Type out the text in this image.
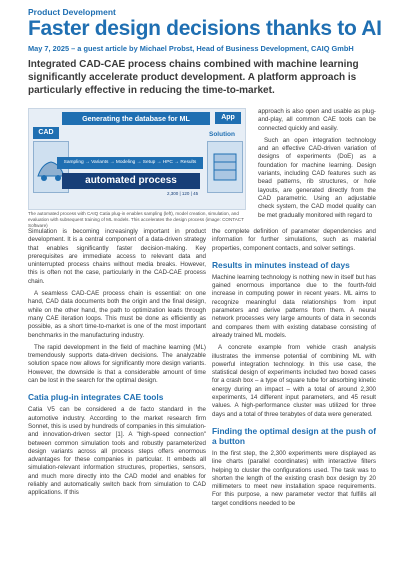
Product Development
Faster design decisions thanks to AI
May 7, 2025 – a guest article by Michael Probst, Head of Business Development, CAIQ GmbH
Integrated CAD-CAE process chains combined with machine learning significantly accelerate product development. A platform approach is particularly effective in reducing the time-to-market.
Generating the database for ML	App
CAD	Solution
Sampling → Variants → Modeling → Setup → HPC → Results
automated process
2,300 | 120 | 45
The automated process with CAIQ Catia plug-in enables sampling (left), model creation, simulation, and evaluation with subsequent training of ML models. This accelerates the design process (image: CONTACT Software)

approach is also open and usable as plug-and-play, all common CAE tools can be connected quickly and easily.

Such an open integration technology and an effective CAD-driven variation of designs of experiments (DoE) as a foundation for machine learning. Design variants, including CAD features such as bead patterns, rib structures, or hole layouts, are generated directly from the CAD parametric. Using an adjustable check system, the CAD model quality can be met gradually monitored with regard to

Simulation is becoming increasingly important in product development. It is a central component of a data-driven strategy that enables significantly faster decision-making. Key prerequisites are immediate access to relevant data and uninterrupted process chains without media breaks. However, this is often not the case, particularly in the CAD-CAE process chain.

A seamless CAD-CAE process chain is essential: on one hand, CAD data documents both the origin and the final design, while on the other hand, the path to optimization leads through many CAE iteration loops. This must be done as efficiently as possible, as a short time-to-market is one of the most important benchmarks in the manufacturing industry.

The rapid development in the field of machine learning (ML) tremendously supports data-driven decisions. The analyzable solution space now allows for significantly more design variants. However, the downside is that a considerable amount of time can be lost in the search for the optimal design.

Catia plug-in integrates CAE tools

Catia V5 can be considered a de facto standard in the automotive industry. According to the market research firm Sonnet, this is used by hundreds of companies in this simulation- and innovation-driven sector [1]. A "high-speed connection" between common simulation tools and robustly parameterized design variants across all process steps offers enormous advantages for these companies in particular. It embeds all simulation-relevant information structures, properties, sensors, and much more directly into the CAD model and enables for reliably and automatically switch back from simulation to CAD applications. If this

the complete definition of parameter dependencies and information for further simulations, such as material properties, component contacts, and solver settings.

Results in minutes instead of days

Machine learning technology is nothing new in itself but has gained enormous importance due to the fourth-fold increase in computing power in recent years. ML aims to recognize meaningful data relationships from input parameters and derive patterns from them. A neural network processes very large amounts of data in seconds and compares them with existing database consisting of already trained ML models.

A concrete example from vehicle crash analysis illustrates the immense potential of combining ML with powerful integration technology. In this use case, the statistical design of experiments included two boxed cases for a crash box – a type of square tube for absorbing kinetic energy during an impact – with a total of around 2,300 experiments, 14 different input parameters, and 45 result values. A high-performance cluster was utilized for three days and a total of three terabytes of data were generated.

Finding the optimal design at the push of a button

In the first step, the 2,300 experiments were displayed as line charts (parallel coordinates) with interactive filters helping to cluster the configurations used. The task was to shorten the length of the existing crash box design by 20 millimeters to meet new installation space requirements. For this purpose, a new parameter vector that fulfills all target conditions needed to be
